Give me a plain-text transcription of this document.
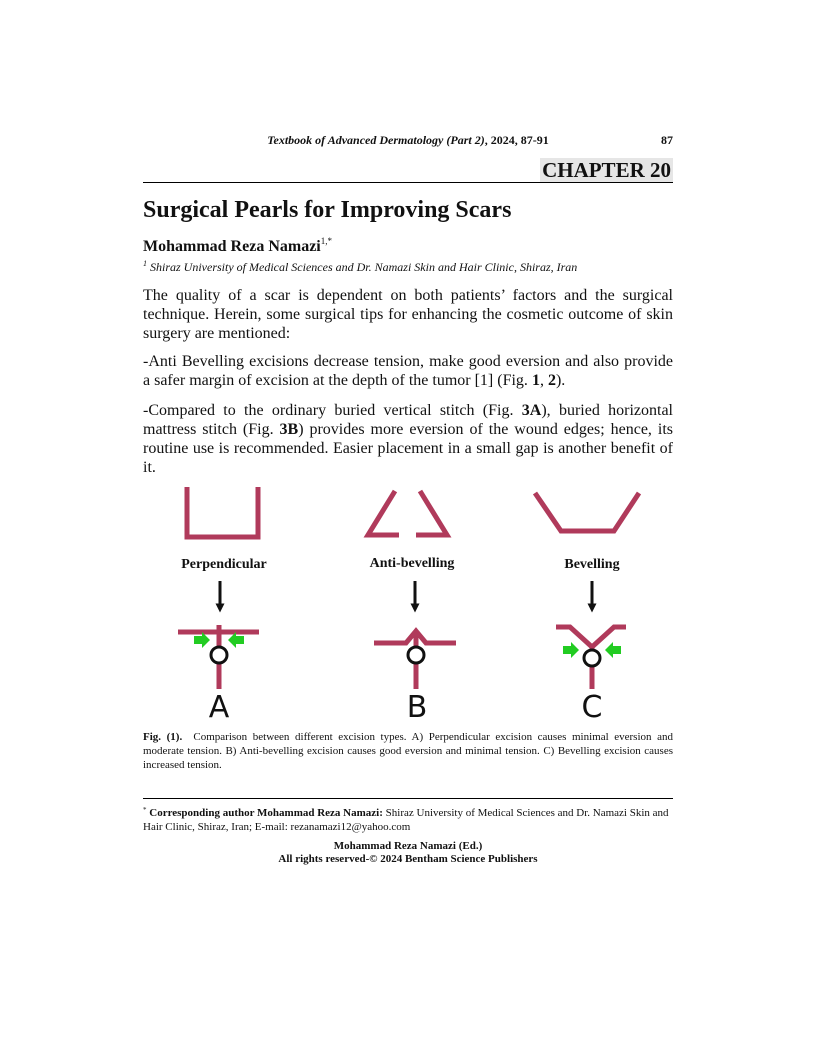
Textbook of Advanced Dermatology (Part 2), 2024, 87-91	87
CHAPTER 20
Surgical Pearls for Improving Scars
Mohammad Reza Namazi$^{1,*}$
$^1$ Shiraz University of Medical Sciences and Dr. Namazi Skin and Hair Clinic, Shiraz, Iran
The quality of a scar is dependent on both patients’ factors and the surgical technique. Herein, some surgical tips for enhancing the cosmetic outcome of skin surgery are mentioned:
-Anti Bevelling excisions decrease tension, make good eversion and also provide a safer margin of excision at the depth of the tumor [1] (Fig. 1, 2).
-Compared to the ordinary buried vertical stitch (Fig. 3A), buried horizontal mattress stitch (Fig. 3B) provides more eversion of the wound edges; hence, its routine use is recommended. Easier placement in a small gap is another benefit of it.
Perpendicular
A
Anti-bevelling
B
Bevelling
C
Fig. (1). Comparison between different excision types. A) Perpendicular excision causes minimal eversion and moderate tension. B) Anti-bevelling excision causes good eversion and minimal tension. C) Bevelling excision causes increased tension.
* Corresponding author Mohammad Reza Namazi: Shiraz University of Medical Sciences and Dr. Namazi Skin and Hair Clinic, Shiraz, Iran; E-mail: rezanamazi12@yahoo.com
Mohammad Reza Namazi (Ed.)
All rights reserved-© 2024 Bentham Science Publishers
